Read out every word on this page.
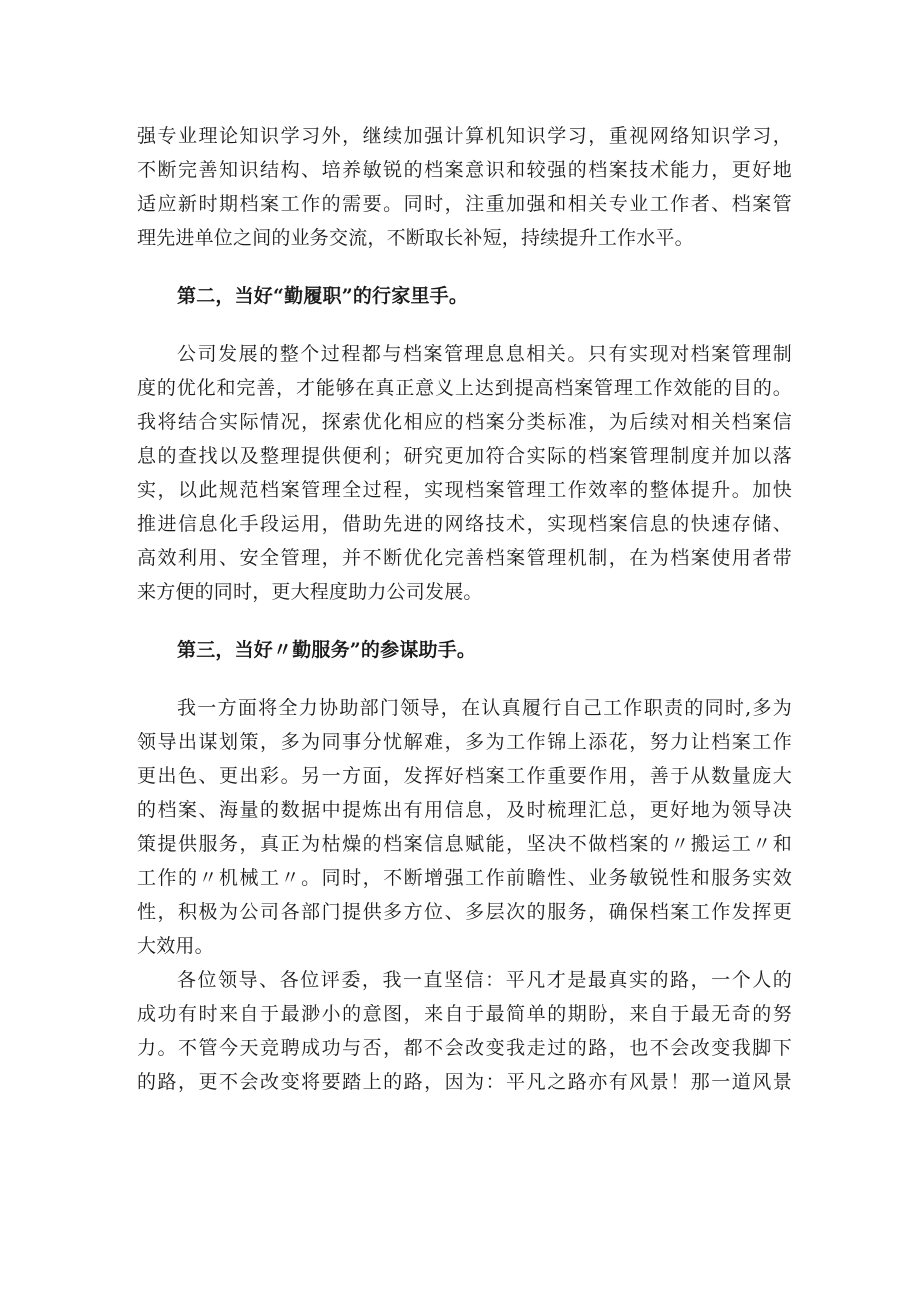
强专业理论知识学习外，继续加强计算机知识学习，重视网络知识学习，
不断完善知识结构、培养敏锐的档案意识和较强的档案技术能力，更好地
适应新时期档案工作的需要。同时，注重加强和相关专业工作者、档案管
理先进单位之间的业务交流，不断取长补短，持续提升工作水平。
第二，当好“勤履职”的行家里手。
公司发展的整个过程都与档案管理息息相关。只有实现对档案管理制
度的优化和完善，才能够在真正意义上达到提高档案管理工作效能的目的。
我将结合实际情况，探索优化相应的档案分类标准，为后续对相关档案信
息的查找以及整理提供便利；研究更加符合实际的档案管理制度并加以落
实，以此规范档案管理全过程，实现档案管理工作效率的整体提升。加快
推进信息化手段运用，借助先进的网络技术，实现档案信息的快速存储、
高效利用、安全管理，并不断优化完善档案管理机制，在为档案使用者带
来方便的同时，更大程度助力公司发展。
第三，当好〃勤服务”的参谋助手。
我一方面将全力协助部门领导，在认真履行自己工作职责的同时,多为
领导出谋划策，多为同事分忧解难，多为工作锦上添花，努力让档案工作
更出色、更出彩。另一方面，发挥好档案工作重要作用，善于从数量庞大
的档案、海量的数据中提炼出有用信息，及时梳理汇总，更好地为领导决
策提供服务，真正为枯燥的档案信息赋能，坚决不做档案的〃搬运工〃和
工作的〃机械工〃。同时，不断增强工作前瞻性、业务敏锐性和服务实效
性，积极为公司各部门提供多方位、多层次的服务，确保档案工作发挥更
大效用。
各位领导、各位评委，我一直坚信：平凡才是最真实的路，一个人的
成功有时来自于最渺小的意图，来自于最简单的期盼，来自于最无奇的努
力。不管今天竞聘成功与否，都不会改变我走过的路，也不会改变我脚下
的路，更不会改变将要踏上的路，因为：平凡之路亦有风景！那一道风景
